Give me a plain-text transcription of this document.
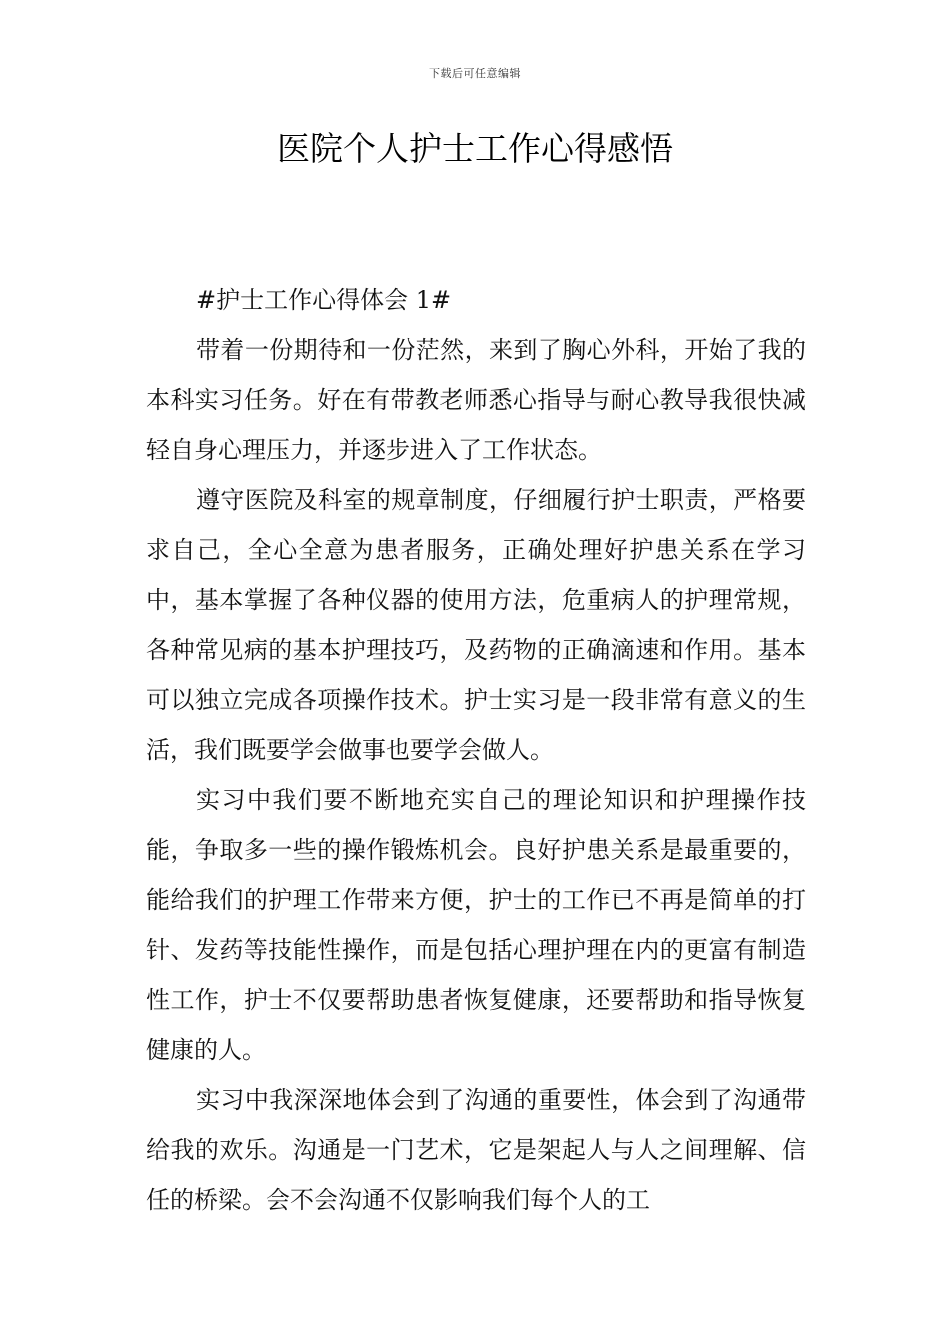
下载后可任意编辑
医院个人护士工作心得感悟
#护士工作心得体会 1#

带着一份期待和一份茫然，来到了胸心外科，开始了我的本科实习任务。好在有带教老师悉心指导与耐心教导我很快减轻自身心理压力，并逐步进入了工作状态。

遵守医院及科室的规章制度，仔细履行护士职责，严格要求自己，全心全意为患者服务，正确处理好护患关系在学习中，基本掌握了各种仪器的使用方法，危重病人的护理常规，各种常见病的基本护理技巧，及药物的正确滴速和作用。基本可以独立完成各项操作技术。护士实习是一段非常有意义的生活，我们既要学会做事也要学会做人。

实习中我们要不断地充实自己的理论知识和护理操作技能，争取多一些的操作锻炼机会。良好护患关系是最重要的，能给我们的护理工作带来方便，护士的工作已不再是简单的打针、发药等技能性操作，而是包括心理护理在内的更富有制造性工作，护士不仅要帮助患者恢复健康，还要帮助和指导恢复健康的人。

实习中我深深地体会到了沟通的重要性，体会到了沟通带给我的欢乐。沟通是一门艺术，它是架起人与人之间理解、信任的桥梁。会不会沟通不仅影响我们每个人的工
